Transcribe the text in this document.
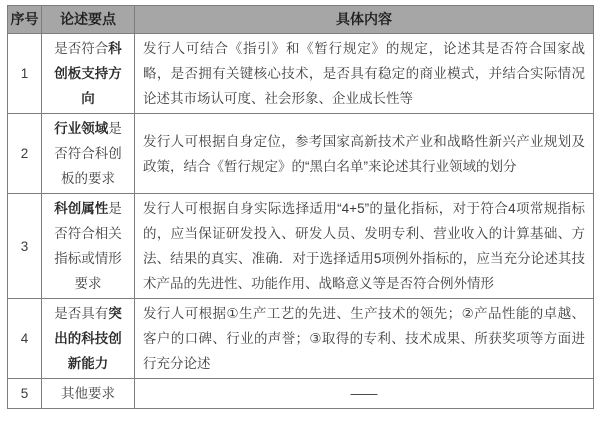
序号	论述要点	具体内容
1	是否符合科创板支持方向	发行人可结合《指引》和《暂行规定》的规定，论述其是否符合国家战略，是否拥有关键核心技术，是否具有稳定的商业模式，并结合实际情况论述其市场认可度、社会形象、企业成长性等
2	行业领域是否符合科创板的要求	发行人可根据自身定位，参考国家高新技术产业和战略性新兴产业规划及政策，结合《暂行规定》的“黑白名单”来论述其行业领域的划分
3	科创属性是否符合相关指标或情形要求	发行人可根据自身实际选择适用“4+5”的量化指标，对于符合4项常规指标的，应当保证研发投入、研发人员、发明专利、营业收入的计算基础、方法、结果的真实、准确．对于选择适用5项例外指标的，应当充分论述其技术产品的先进性、功能作用、战略意义等是否符合例外情形
4	是否具有突出的科技创新能力	发行人可根据①生产工艺的先进、生产技术的领先；②产品性能的卓越、客户的口碑、行业的声誉；③取得的专利、技术成果、所获奖项等方面进行充分论述
5	其他要求	——
